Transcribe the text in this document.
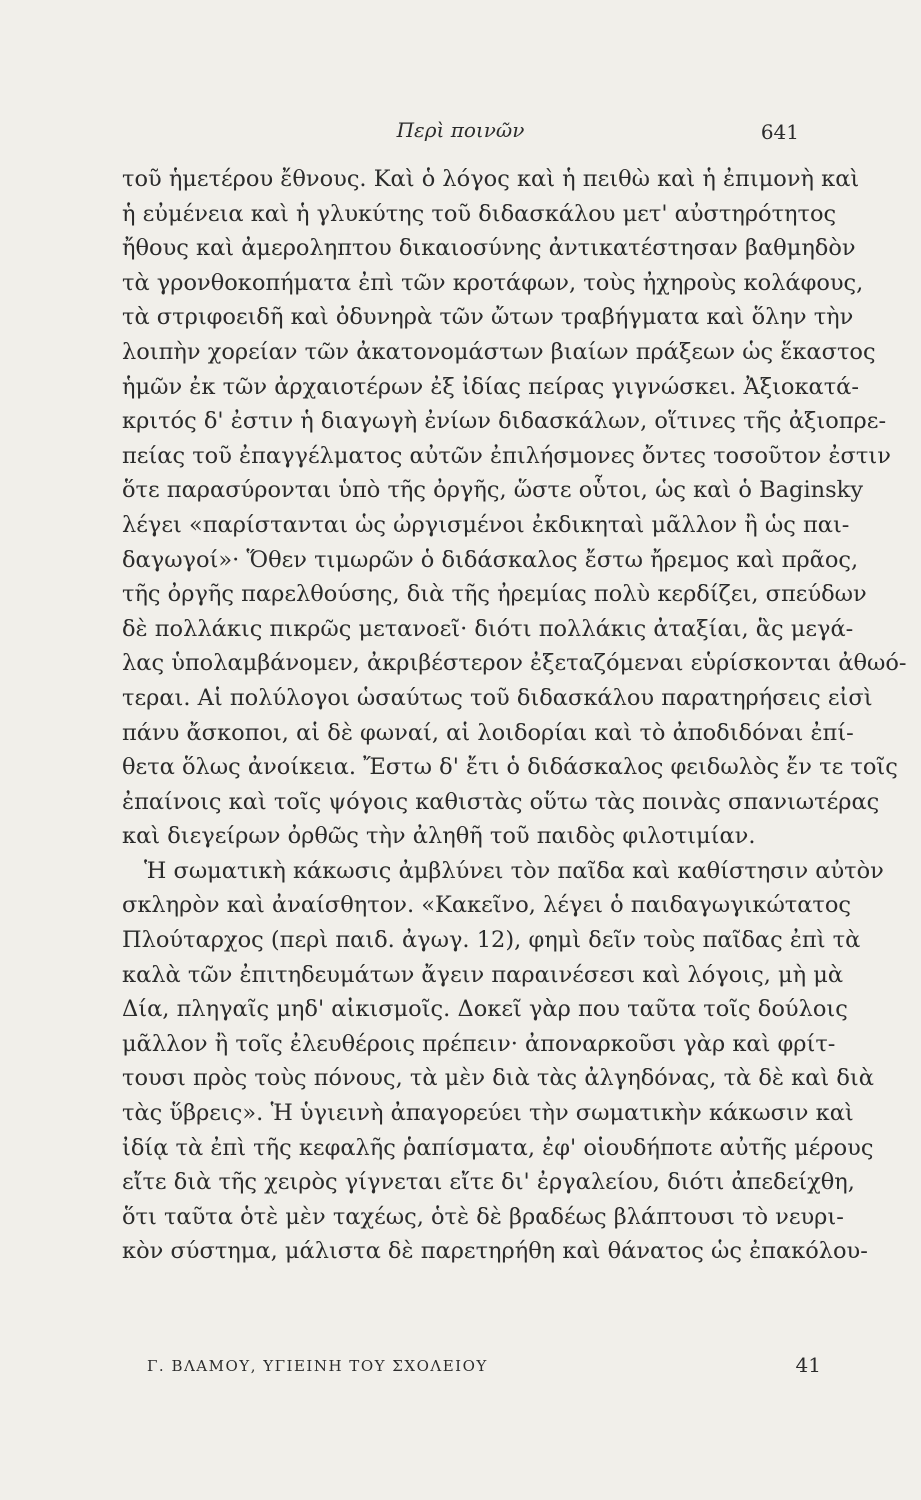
Περὶ ποινῶν	641
τοῦ ἡμετέρου ἔθνους. Καὶ ὁ λόγος καὶ ἡ πειθὼ καὶ ἡ ἐπιμονὴ καὶ
ἡ εὐμένεια καὶ ἡ γλυκύτης τοῦ διδασκάλου μετ' αὐστηρότητος
ἤθους καὶ ἀμεροληπτου δικαιοσύνης ἀντικατέστησαν βαθμηδὸν
τὰ γρονθοκοπήματα ἐπὶ τῶν κροτάφων, τοὺς ἠχηροὺς κολάφους,
τὰ στριφοειδῆ καὶ ὀδυνηρὰ τῶν ὤτων τραβήγματα καὶ ὅλην τὴν
λοιπὴν χορείαν τῶν ἀκατονομάστων βιαίων πράξεων ὡς ἕκαστος
ἡμῶν ἐκ τῶν ἀρχαιοτέρων ἐξ ἰδίας πείρας γιγνώσκει. Ἀξιοκατά-
κριτός δ' ἐστιν ἡ διαγωγὴ ἐνίων διδασκάλων, οἵτινες τῆς ἀξιοπρε-
πείας τοῦ ἐπαγγέλματος αὐτῶν ἐπιλήσμονες ὄντες τοσοῦτον ἐστιν
ὅτε παρασύρονται ὑπὸ τῆς ὀργῆς, ὥστε οὗτοι, ὡς καὶ ὁ Baginsky
λέγει «παρίστανται ὡς ὠργισμένοι ἐκδικηταὶ μᾶλλον ἢ ὡς παι-
δαγωγοί»· Ὅθεν τιμωρῶν ὁ διδάσκαλος ἔστω ἤρεμος καὶ πρᾶος,
τῆς ὀργῆς παρελθούσης, διὰ τῆς ἠρεμίας πολὺ κερδίζει, σπεύδων
δὲ πολλάκις πικρῶς μετανοεῖ· διότι πολλάκις ἀταξίαι, ἃς μεγά-
λας ὑπολαμβάνομεν, ἀκριβέστερον ἐξεταζόμεναι εὑρίσκονται ἀθωό-
τεραι. Αἱ πολύλογοι ὡσαύτως τοῦ διδασκάλου παρατηρήσεις εἰσὶ
πάνυ ἄσκοποι, αἱ δὲ φωναί, αἱ λοιδορίαι καὶ τὸ ἀποδιδόναι ἐπί-
θετα ὅλως ἀνοίκεια. Ἔστω δ' ἔτι ὁ διδάσκαλος φειδωλὸς ἔν τε τοῖς
ἐπαίνοις καὶ τοῖς ψόγοις καθιστὰς οὕτω τὰς ποινὰς σπανιωτέρας
καὶ διεγείρων ὀρθῶς τὴν ἀληθῆ τοῦ παιδὸς φιλοτιμίαν.
Ἡ σωματικὴ κάκωσις ἀμβλύνει τὸν παῖδα καὶ καθίστησιν αὐτὸν
σκληρὸν καὶ ἀναίσθητον. «Κακεῖνο, λέγει ὁ παιδαγωγικώτατος
Πλούταρχος (περὶ παιδ. ἀγωγ. 12), φημὶ δεῖν τοὺς παῖδας ἐπὶ τὰ
καλὰ τῶν ἐπιτηδευμάτων ἄγειν παραινέσεσι καὶ λόγοις, μὴ μὰ
Δία, πληγαῖς μηδ' αἰκισμοῖς. Δοκεῖ γὰρ που ταῦτα τοῖς δούλοις
μᾶλλον ἢ τοῖς ἐλευθέροις πρέπειν· ἀποναρκοῦσι γὰρ καὶ φρίτ-
τουσι πρὸς τοὺς πόνους, τὰ μὲν διὰ τὰς ἀλγηδόνας, τὰ δὲ καὶ διὰ
τὰς ὕβρεις». Ἡ ὑγιεινὴ ἀπαγορεύει τὴν σωματικὴν κάκωσιν καὶ
ἰδίᾳ τὰ ἐπὶ τῆς κεφαλῆς ῥαπίσματα, ἐφ' οἱουδήποτε αὐτῆς μέρους
εἴτε διὰ τῆς χειρὸς γίγνεται εἴτε δι' ἐργαλείου, διότι ἀπεδείχθη,
ὅτι ταῦτα ὁτὲ μὲν ταχέως, ὁτὲ δὲ βραδέως βλάπτουσι τὸ νευρι-
κὸν σύστημα, μάλιστα δὲ παρετηρήθη καὶ θάνατος ὡς ἐπακόλου-
Γ. ΒΛΑΜΟΥ, ΥΓΙΕΙΝΗ ΤΟΥ ΣΧΟΛΕΙΟΥ	41
